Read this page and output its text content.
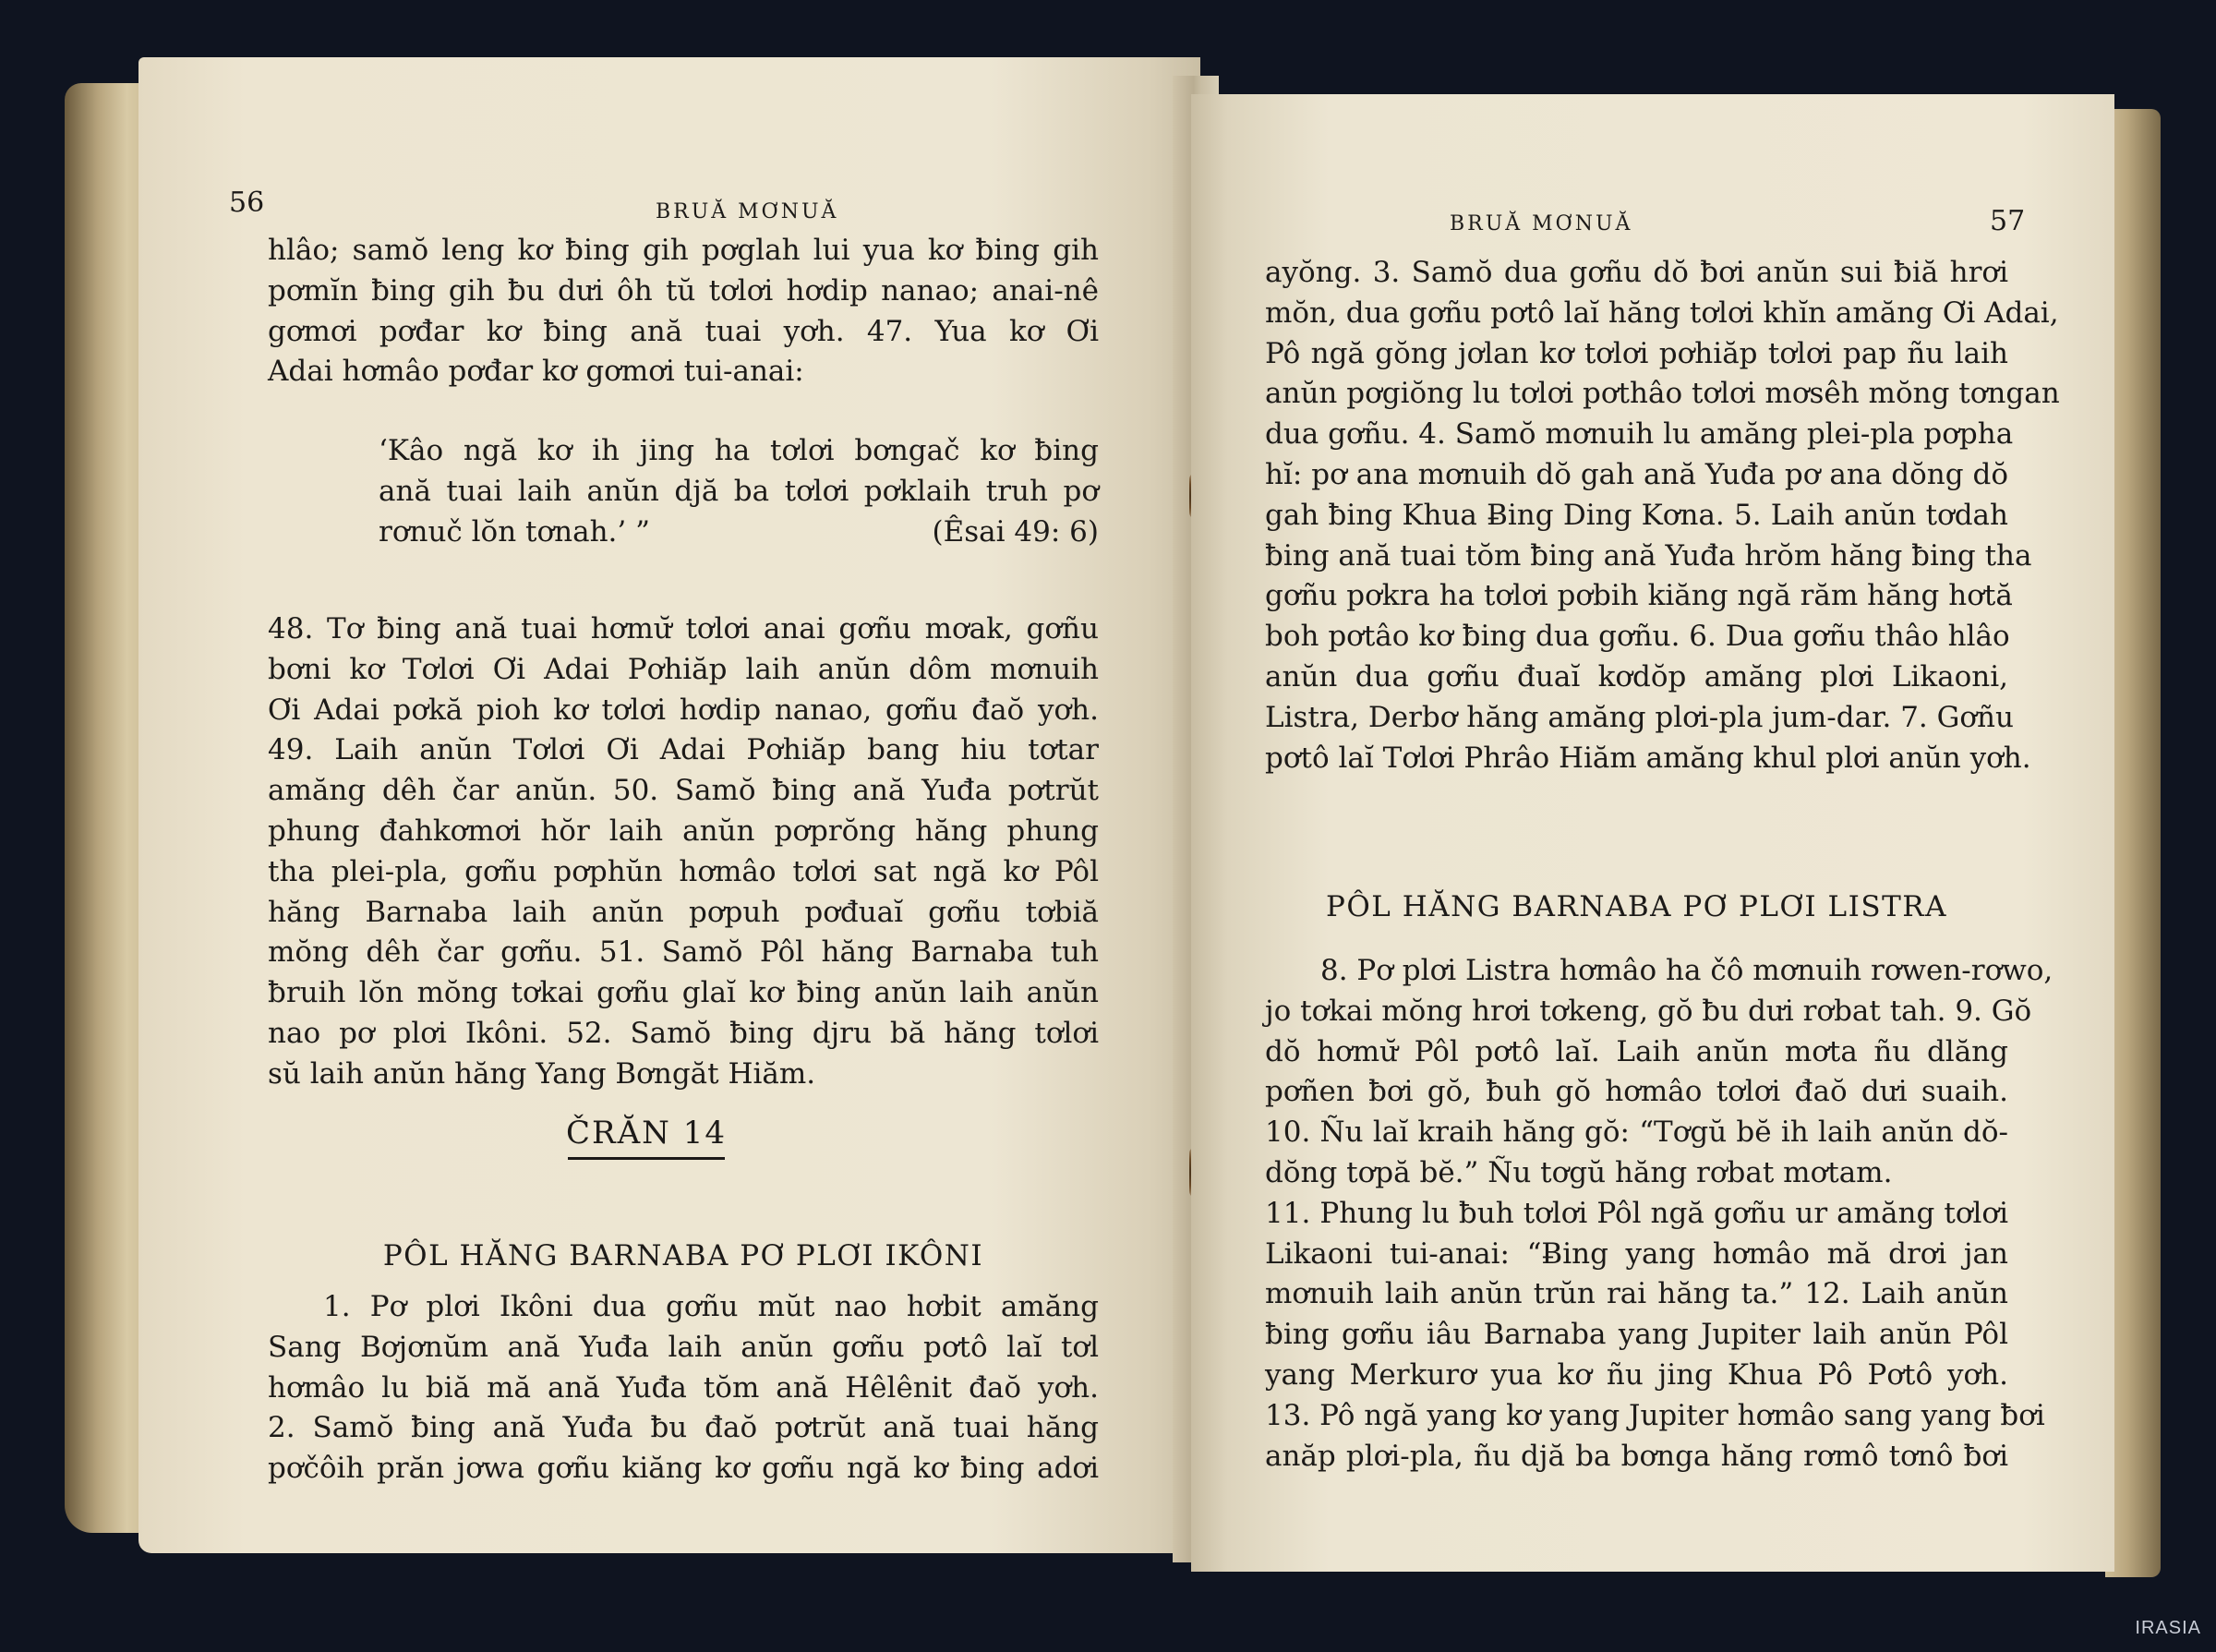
56	BRUĂ MƠNUĂ
hlâo; samŏ leng kơ ƀing gih pơglah lui yua kơ ƀing gih
pơmĭn ƀing gih ƀu dưi ôh tŭ tơlơi hơdip nanao; anai-nê
gơmơi pơđar kơ ƀing ană tuai yơh. 47. Yua kơ Ơi
Adai hơmâo pơđar kơ gơmơi tui-anai:
‘Kâo ngă kơ ih jing ha tơlơi bơngač kơ ƀing
ană tuai laih anŭn djă ba tơlơi pơklaih truh pơ
rơnuč lŏn tơnah.’ ”	(Êsai 49: 6)
48. Tơ ƀing ană tuai hơmư̆ tơlơi anai gơñu mơak, gơñu
bơni kơ Tơlơi Ơi Adai Pơhiăp laih anŭn dôm mơnuih
Ơi Adai pơkă pioh kơ tơlơi hơdip nanao, gơñu đaŏ yơh.
49. Laih anŭn Tơlơi Ơi Adai Pơhiăp bang hiu tơtar
amăng dêh čar anŭn. 50. Samŏ ƀing ană Yuđa pơtrŭt
phung đahkơmơi hŏr laih anŭn pơprŏng hăng phung
tha plei-pla, gơñu pơphŭn hơmâo tơlơi sat ngă kơ Pôl
hăng Barnaba laih anŭn pơpuh pơđuaĭ gơñu tơbiă
mŏng dêh čar gơñu. 51. Samŏ Pôl hăng Barnaba tuh
ƀruih lŏn mŏng tơkai gơñu glaĭ kơ ƀing anŭn laih anŭn
nao pơ plơi Ikôni. 52. Samŏ ƀing djru bă hăng tơlơi
sŭ laih anŭn hăng Yang Bơngăt Hiăm.
ČRĂN 14
PÔL HĂNG BARNABA PƠ PLƠI IKÔNI
1. Pơ plơi Ikôni dua gơñu mŭt nao hơbit amăng
Sang Bơjơnŭm ană Yuđa laih anŭn gơñu pơtô laĭ tơl
hơmâo lu biă mă ană Yuđa tŏm ană Hêlênit đaŏ yơh.
2. Samŏ ƀing ană Yuđa ƀu đaŏ pơtrŭt ană tuai hăng
pơčôih prăn jơwa gơñu kiăng kơ gơñu ngă kơ ƀing adơi
BRUĂ MƠNUĂ	57
ayŏng. 3. Samŏ dua gơñu dŏ ƀơi anŭn sui ƀiă hrơi
mŏn, dua gơñu pơtô laĭ hăng tơlơi khĭn amăng Ơi Adai,
Pô ngă gŏng jơlan kơ tơlơi pơhiăp tơlơi pap ñu laih
anŭn pơgiŏng lu tơlơi pơthâo tơlơi mơsêh mŏng tơngan
dua gơñu. 4. Samŏ mơnuih lu amăng plei-pla pơpha
hĭ: pơ ana mơnuih dŏ gah ană Yuđa pơ ana dŏng dŏ
gah ƀing Khua Ƀing Ding Kơna. 5. Laih anŭn tơdah
ƀing ană tuai tŏm ƀing ană Yuđa hrŏm hăng ƀing tha
gơñu pơkra ha tơlơi pơbih kiăng ngă răm hăng hơtă
boh pơtâo kơ ƀing dua gơñu. 6. Dua gơñu thâo hlâo
anŭn dua gơñu đuaĭ kơdŏp amăng plơi Likaoni,
Listra, Derbơ hăng amăng plơi-pla jum-dar. 7. Gơñu
pơtô laĭ Tơlơi Phrâo Hiăm amăng khul plơi anŭn yơh.
PÔL HĂNG BARNABA PƠ PLƠI LISTRA
8. Pơ plơi Listra hơmâo ha čô mơnuih rơwen-rơwo,
jo tơkai mŏng hrơi tơkeng, gŏ ƀu dưi rơbat tah. 9. Gŏ
dŏ hơmư̆ Pôl pơtô laĭ. Laih anŭn mơta ñu dlăng
pơñen ƀơi gŏ, ƀuh gŏ hơmâo tơlơi đaŏ dưi suaih.
10. Ñu laĭ kraih hăng gŏ: “Tơgŭ bĕ ih laih anŭn dŏ-
dŏng tơpă bĕ.” Ñu tơgŭ hăng rơbat mơtam.
11. Phung lu ƀuh tơlơi Pôl ngă gơñu ur amăng tơlơi
Likaoni tui-anai: “Ƀing yang hơmâo mă drơi jan
mơnuih laih anŭn trŭn rai hăng ta.” 12. Laih anŭn
ƀing gơñu iâu Barnaba yang Jupiter laih anŭn Pôl
yang Merkurơ yua kơ ñu jing Khua Pô Pơtô yơh.
13. Pô ngă yang kơ yang Jupiter hơmâo sang yang ƀơi
anăp plơi-pla, ñu djă ba bơnga hăng rơmô tơnô ƀơi
IRASIA
